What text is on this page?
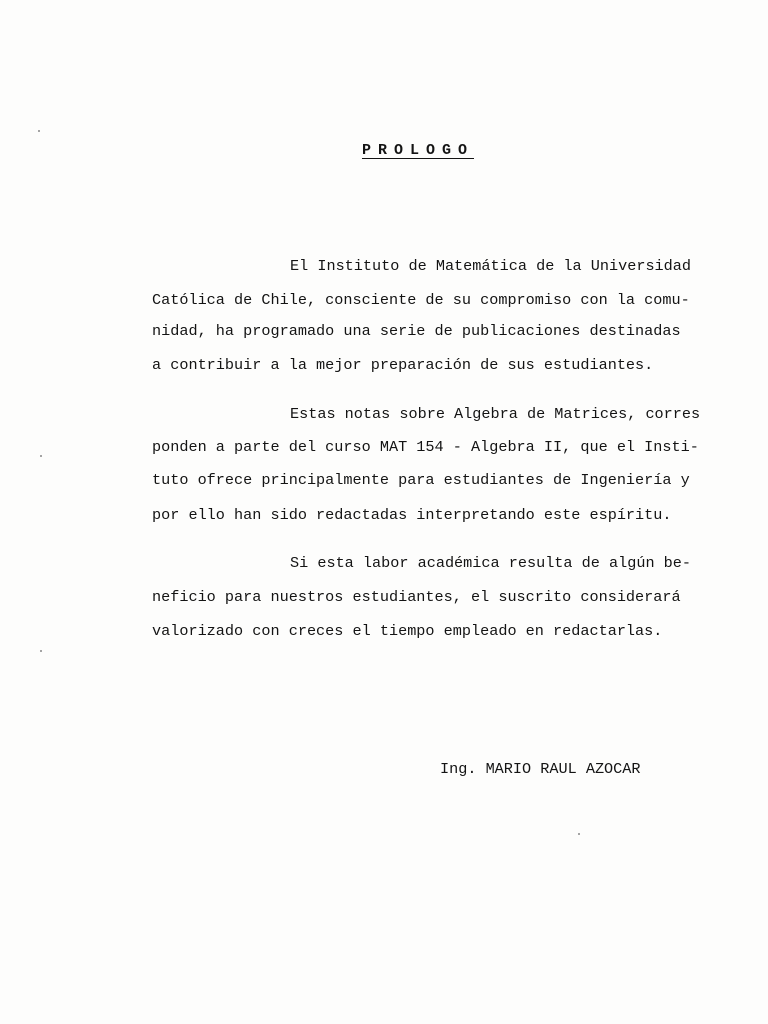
PROLOGO
El Instituto de Matemática de la Universidad
Católica de Chile, consciente de su compromiso con la comu-
nidad, ha programado una serie de publicaciones destinadas
a contribuir a la mejor preparación de sus estudiantes.
Estas notas sobre Algebra de Matrices, corres
ponden a parte del curso MAT 154 - Algebra II, que el Insti-
tuto ofrece principalmente para estudiantes de Ingeniería y
por ello han sido redactadas interpretando este espíritu.
Si esta labor académica resulta de algún be-
neficio para nuestros estudiantes, el suscrito considerará
valorizado con creces el tiempo empleado en redactarlas.
Ing. MARIO RAUL AZOCAR
